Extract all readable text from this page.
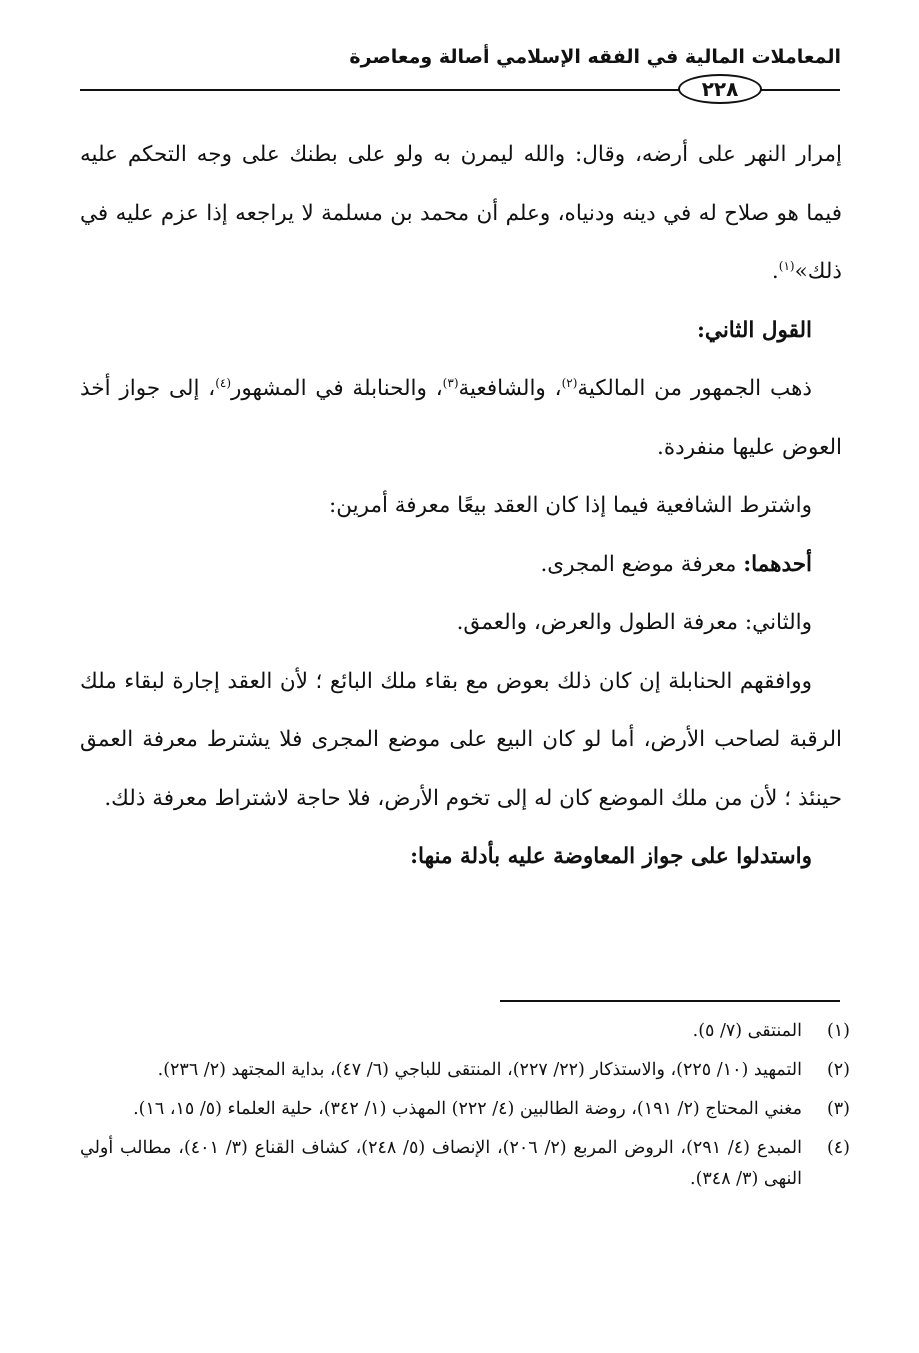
المعاملات المالية في الفقه الإسلامي أصالة ومعاصرة
٢٢٨

إمرار النهر على أرضه، وقال: والله ليمرن به ولو على بطنك على وجه التحكم عليه فيما هو صلاح له في دينه ودنياه، وعلم أن محمد بن مسلمة لا يراجعه إذا عزم عليه في ذلك»$^{(١)}$.

القول الثاني:

ذهب الجمهور من المالكية$^{(٢)}$، والشافعية$^{(٣)}$، والحنابلة في المشهور$^{(٤)}$، إلى جواز أخذ العوض عليها منفردة.

واشترط الشافعية فيما إذا كان العقد بيعًا معرفة أمرين:

أحدهما: معرفة موضع المجرى.

والثاني: معرفة الطول والعرض، والعمق.

ووافقهم الحنابلة إن كان ذلك بعوض مع بقاء ملك البائع ؛ لأن العقد إجارة لبقاء ملك الرقبة لصاحب الأرض، أما لو كان البيع على موضع المجرى فلا يشترط معرفة العمق حينئذ ؛ لأن من ملك الموضع كان له إلى تخوم الأرض، فلا حاجة لاشتراط معرفة ذلك.

واستدلوا على جواز المعاوضة عليه بأدلة منها:

(١)
المنتقى (٧/ ٥).
(٢)
التمهيد (١٠/ ٢٢٥)، والاستذكار (٢٢/ ٢٢٧)، المنتقى للباجي (٦/ ٤٧)، بداية المجتهد (٢/ ٢٣٦).
(٣)
مغني المحتاج (٢/ ١٩١)، روضة الطالبين (٤/ ٢٢٢) المهذب (١/ ٣٤٢)، حلية العلماء (٥/ ١٥، ١٦).
(٤)
المبدع (٤/ ٢٩١)، الروض المربع (٢/ ٢٠٦)، الإنصاف (٥/ ٢٤٨)، كشاف القناع (٣/ ٤٠١)، مطالب أولي النهى (٣/ ٣٤٨).
